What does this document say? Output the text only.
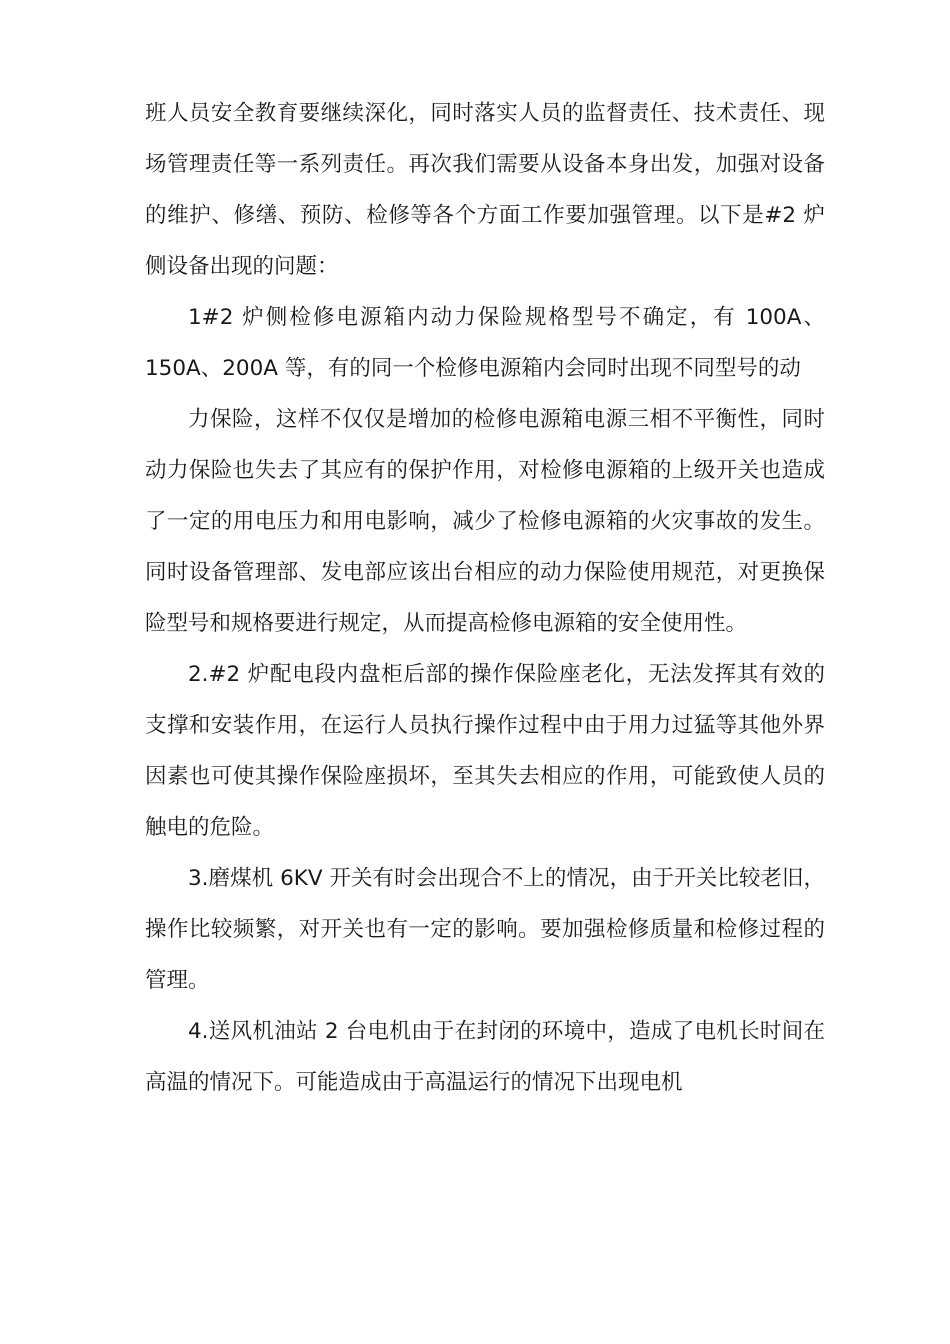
班人员安全教育要继续深化，同时落实人员的监督责任、技术责任、现场管理责任等一系列责任。再次我们需要从设备本身出发，加强对设备的维护、修缮、预防、检修等各个方面工作要加强管理。以下是#2 炉侧设备出现的问题：

1#2 炉侧检修电源箱内动力保险规格型号不确定，有 100A、150A、200A 等，有的同一个检修电源箱内会同时出现不同型号的动

力保险，这样不仅仅是增加的检修电源箱电源三相不平衡性，同时动力保险也失去了其应有的保护作用，对检修电源箱的上级开关也造成了一定的用电压力和用电影响，减少了检修电源箱的火灾事故的发生。同时设备管理部、发电部应该出台相应的动力保险使用规范，对更换保险型号和规格要进行规定，从而提高检修电源箱的安全使用性。

2.#2 炉配电段内盘柜后部的操作保险座老化，无法发挥其有效的支撑和安装作用，在运行人员执行操作过程中由于用力过猛等其他外界因素也可使其操作保险座损坏，至其失去相应的作用，可能致使人员的触电的危险。

3.磨煤机 6KV 开关有时会出现合不上的情况，由于开关比较老旧，操作比较频繁，对开关也有一定的影响。要加强检修质量和检修过程的管理。

4.送风机油站 2 台电机由于在封闭的环境中，造成了电机长时间在高温的情况下。可能造成由于高温运行的情况下出现电机
